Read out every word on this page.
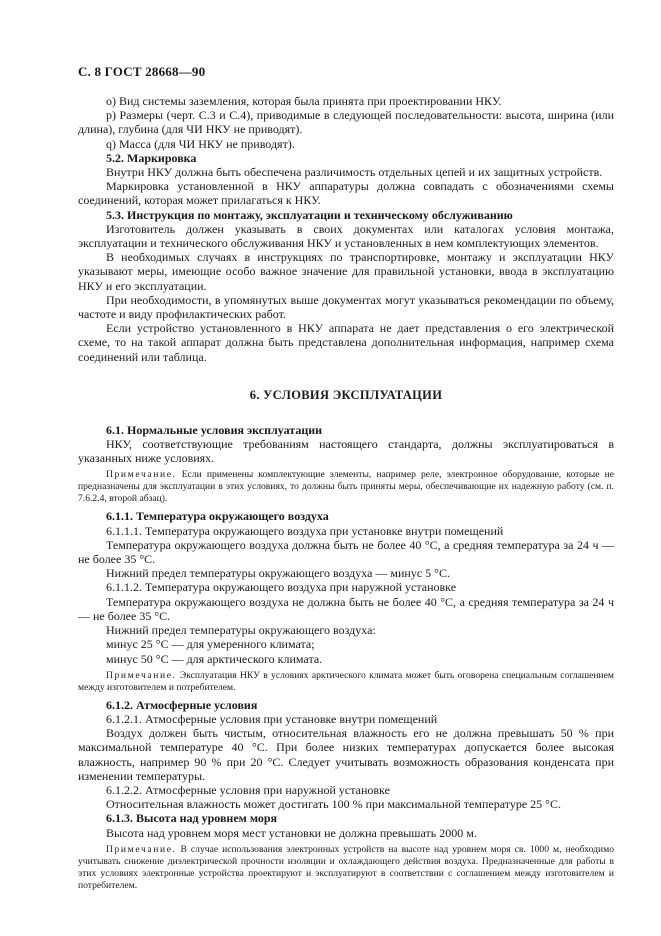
С. 8 ГОСТ 28668—90

о) Вид системы заземления, которая была принята при проектировании НКУ.

р) Размеры (черт. С.3 и С.4), приводимые в следующей последовательности: высота, ширина (или длина), глубина (для ЧИ НКУ не приводят).

q) Масса (для ЧИ НКУ не приводят).

5.2. Маркировка

Внутри НКУ должна быть обеспечена различимость отдельных цепей и их защитных устройств.

Маркировка установленной в НКУ аппаратуры должна совпадать с обозначениями схемы соединений, которая может прилагаться к НКУ.

5.3. Инструкция по монтажу, эксплуатации и техническому обслуживанию

Изготовитель должен указывать в своих документах или каталогах условия монтажа, эксплуатации и технического обслуживания НКУ и установленных в нем комплектующих элементов.

В необходимых случаях в инструкциях по транспортировке, монтажу и эксплуатации НКУ указывают меры, имеющие особо важное значение для правильной установки, ввода в эксплуатацию НКУ и его эксплуатации.

При необходимости, в упомянутых выше документах могут указываться рекомендации по объему, частоте и виду профилактических работ.

Если устройство установленного в НКУ аппарата не дает представления о его электрической схеме, то на такой аппарат должна быть представлена дополнительная информация, например схема соединений или таблица.

6. УСЛОВИЯ ЭКСПЛУАТАЦИИ

6.1. Нормальные условия эксплуатации

НКУ, соответствующие требованиям настоящего стандарта, должны эксплуатироваться в указанных ниже условиях.

Примечание. Если применены комплектующие элементы, например реле, электронное оборудование, которые не предназначены для эксплуатации в этих условиях, то должны быть приняты меры, обеспечивающие их надежную работу (см. п. 7.6.2.4, второй абзац).

6.1.1. Температура окружающего воздуха

6.1.1.1. Температура окружающего воздуха при установке внутри помещений

Температура окружающего воздуха должна быть не более 40 °С, а средняя температура за 24 ч — не более 35 °С.

Нижний предел температуры окружающего воздуха — минус 5 °С.

6.1.1.2. Температура окружающего воздуха при наружной установке

Температура окружающего воздуха не должна быть не более 40 °С, а средняя температура за 24 ч — не более 35 °С.

Нижний предел температуры окружающего воздуха:

минус 25 °С — для умеренного климата;

минус 50 °С — для арктического климата.

Примечание. Эксплуатация НКУ в условиях арктического климата может быть оговорена специальным соглашением между изготовителем и потребителем.

6.1.2. Атмосферные условия

6.1.2.1. Атмосферные условия при установке внутри помещений

Воздух должен быть чистым, относительная влажность его не должна превышать 50 % при максимальной температуре 40 °С. При более низких температурах допускается более высокая влажность, например 90 % при 20 °С. Следует учитывать возможность образования конденсата при изменении температуры.

6.1.2.2. Атмосферные условия при наружной установке

Относительная влажность может достигать 100 % при максимальной температуре 25 °С.

6.1.3. Высота над уровнем моря

Высота над уровнем моря мест установки не должна превышать 2000 м.

Примечание. В случае использования электронных устройств на высоте над уровнем моря св. 1000 м, необходимо учитывать снижение диэлектрической прочности изоляции и охлаждающего действия воздуха. Предназначенные для работы в этих условиях электронные устройства проектируют и эксплуатируют в соответствии с соглашением между изготовителем и потребителем.
